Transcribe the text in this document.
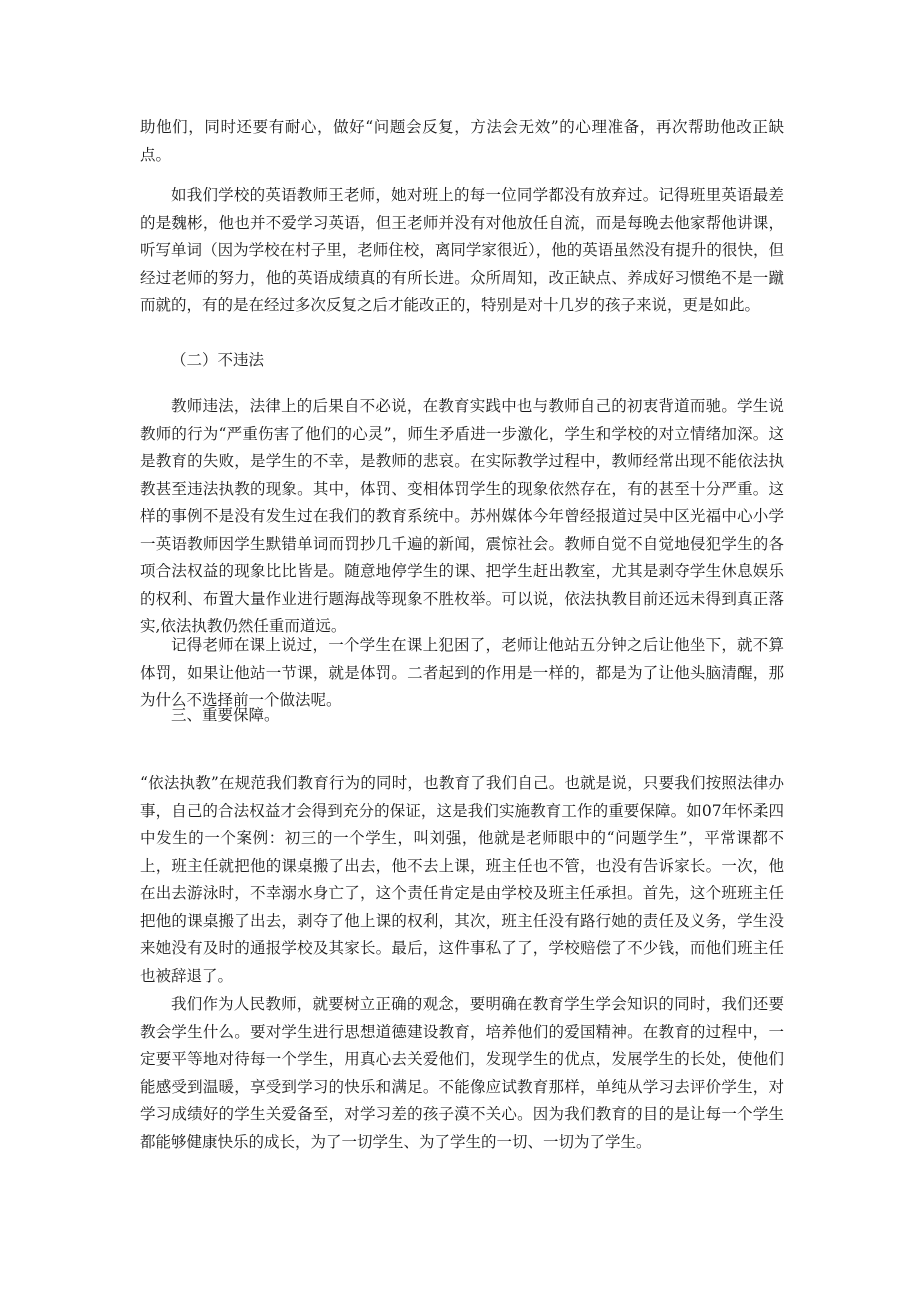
助他们，同时还要有耐心，做好“问题会反复，方法会无效”的心理准备，再次帮助他改正缺点。

如我们学校的英语教师王老师，她对班上的每一位同学都没有放弃过。记得班里英语最差的是魏彬，他也并不爱学习英语，但王老师并没有对他放任自流，而是每晚去他家帮他讲课，听写单词（因为学校在村子里，老师住校，离同学家很近），他的英语虽然没有提升的很快，但经过老师的努力，他的英语成绩真的有所长进。众所周知，改正缺点、养成好习惯绝不是一蹴而就的，有的是在经过多次反复之后才能改正的，特别是对十几岁的孩子来说，更是如此。

（二）不违法

教师违法，法律上的后果自不必说，在教育实践中也与教师自己的初衷背道而驰。学生说教师的行为“严重伤害了他们的心灵”，师生矛盾进一步激化，学生和学校的对立情绪加深。这是教育的失败，是学生的不幸，是教师的悲哀。在实际教学过程中，教师经常出现不能依法执教甚至违法执教的现象。其中，体罚、变相体罚学生的现象依然存在，有的甚至十分严重。这样的事例不是没有发生过在我们的教育系统中。苏州媒体今年曾经报道过吴中区光福中心小学一英语教师因学生默错单词而罚抄几千遍的新闻，震惊社会。教师自觉不自觉地侵犯学生的各项合法权益的现象比比皆是。随意地停学生的课、把学生赶出教室，尤其是剥夺学生休息娱乐的权利、布置大量作业进行题海战等现象不胜枚举。可以说，依法执教目前还远未得到真正落实,依法执教仍然任重而道远。

记得老师在课上说过，一个学生在课上犯困了，老师让他站五分钟之后让他坐下，就不算体罚，如果让他站一节课，就是体罚。二者起到的作用是一样的，都是为了让他头脑清醒，那为什么不选择前一个做法呢。

三、重要保障。

“依法执教”在规范我们教育行为的同时，也教育了我们自己。也就是说，只要我们按照法律办事，自己的合法权益才会得到充分的保证，这是我们实施教育工作的重要保障。如07年怀柔四中发生的一个案例：初三的一个学生，叫刘强，他就是老师眼中的“问题学生”，平常课都不上，班主任就把他的课桌搬了出去，他不去上课，班主任也不管，也没有告诉家长。一次，他在出去游泳时，不幸溺水身亡了，这个责任肯定是由学校及班主任承担。首先，这个班班主任把他的课桌搬了出去，剥夺了他上课的权利，其次，班主任没有路行她的责任及义务，学生没来她没有及时的通报学校及其家长。最后，这件事私了了，学校赔偿了不少钱，而他们班主任也被辞退了。

我们作为人民教师，就要树立正确的观念，要明确在教育学生学会知识的同时，我们还要教会学生什么。要对学生进行思想道德建设教育，培养他们的爱国精神。在教育的过程中，一定要平等地对待每一个学生，用真心去关爱他们，发现学生的优点，发展学生的长处，使他们能感受到温暖，享受到学习的快乐和满足。不能像应试教育那样，单纯从学习去评价学生，对学习成绩好的学生关爱备至，对学习差的孩子漠不关心。因为我们教育的目的是让每一个学生都能够健康快乐的成长，为了一切学生、为了学生的一切、一切为了学生。
